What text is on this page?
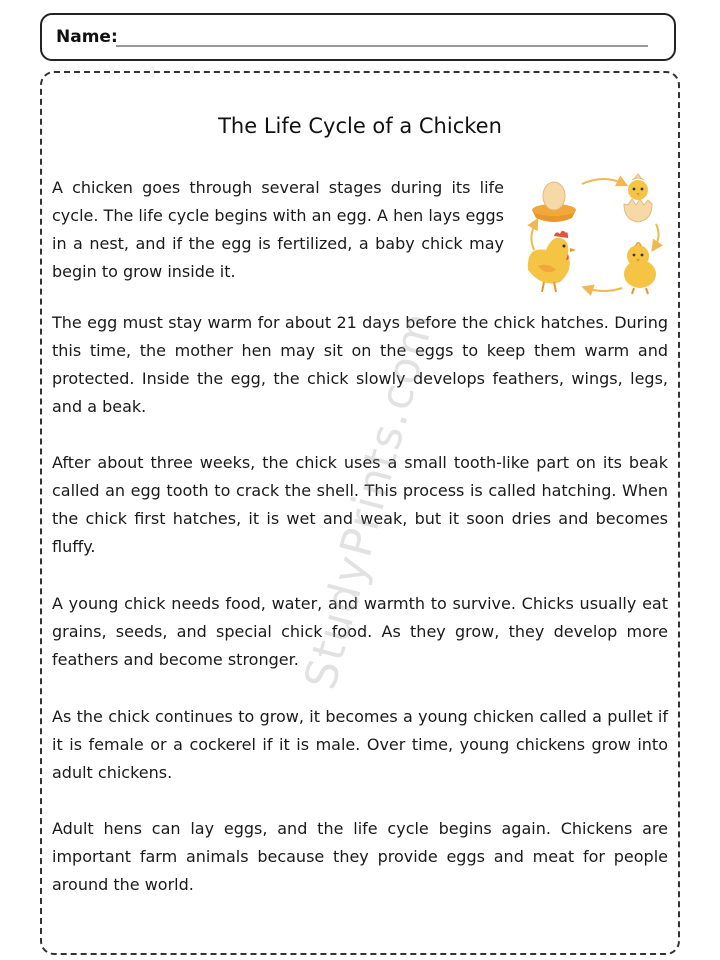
Name:
The Life Cycle of a Chicken

A chicken goes through several stages during its life cycle. The life cycle begins with an egg. A hen lays eggs in a nest, and if the egg is fertilized, a baby chick may begin to grow inside it.

The egg must stay warm for about 21 days before the chick hatches. During this time, the mother hen may sit on the eggs to keep them warm and protected. Inside the egg, the chick slowly develops feathers, wings, legs, and a beak.

After about three weeks, the chick uses a small tooth-like part on its beak called an egg tooth to crack the shell. This process is called hatching. When the chick first hatches, it is wet and weak, but it soon dries and becomes fluffy.

A young chick needs food, water, and warmth to survive. Chicks usually eat grains, seeds, and special chick food. As they grow, they develop more feathers and become stronger.

As the chick continues to grow, it becomes a young chicken called a pullet if it is female or a cockerel if it is male. Over time, young chickens grow into adult chickens.

Adult hens can lay eggs, and the life cycle begins again. Chickens are important farm animals because they provide eggs and meat for people around the world.

StudyPrints.com
